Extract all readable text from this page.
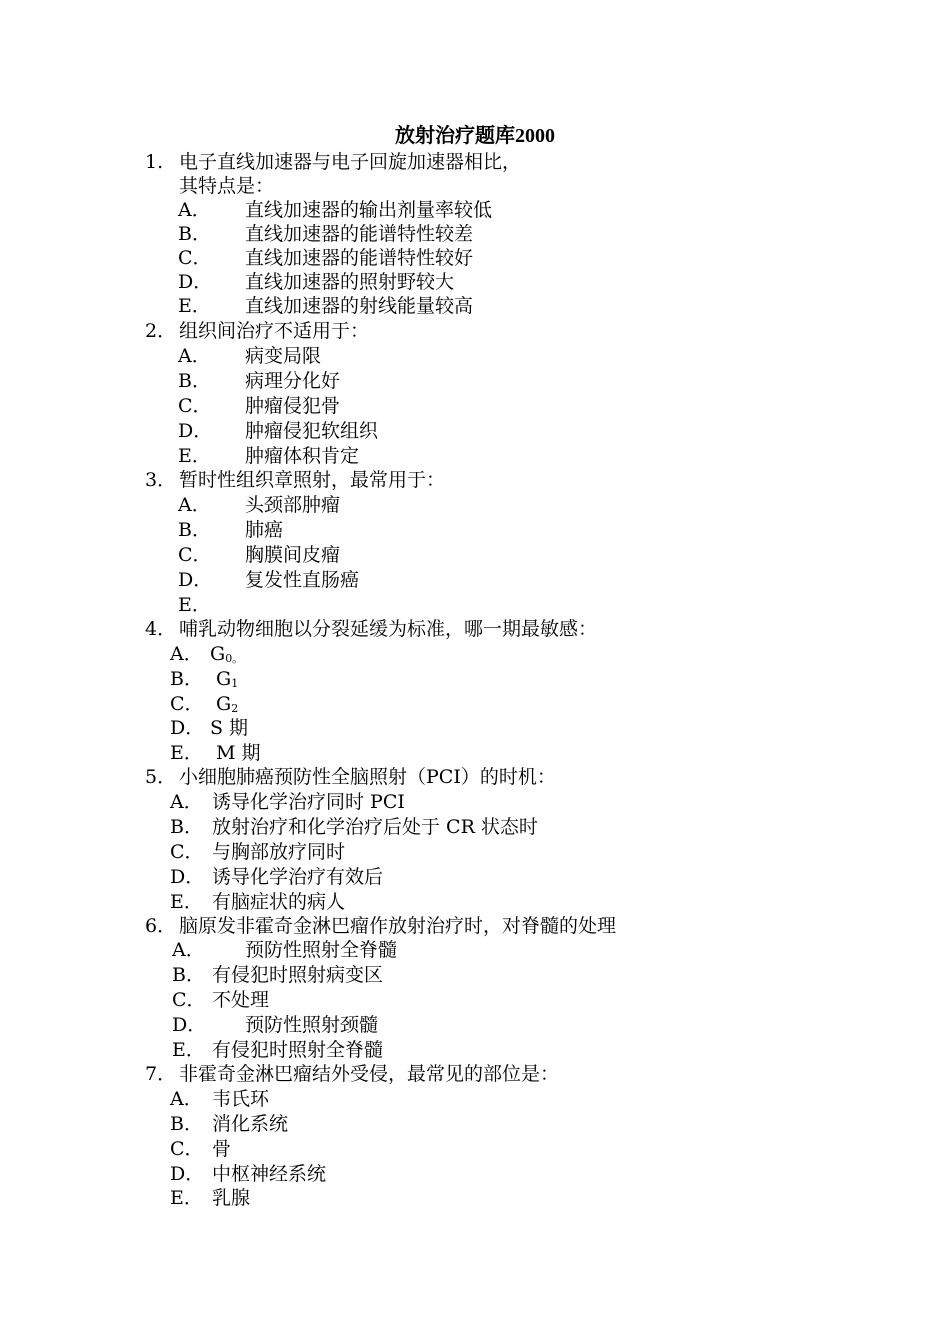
放射治疗题库2000
1. 电子直线加速器与电子回旋加速器相比，
其特点是：
A． 直线加速器的输出剂量率较低
B． 直线加速器的能谱特性较差
C． 直线加速器的能谱特性较好
D． 直线加速器的照射野较大
E． 直线加速器的射线能量较高
2． 组织间治疗不适用于：
A． 病变局限
B． 病理分化好
C． 肿瘤侵犯骨
D． 肿瘤侵犯软组织
E． 肿瘤体积肯定
3． 暂时性组织章照射，最常用于：
A． 头颈部肿瘤
B． 肺癌
C． 胸膜间皮瘤
D． 复发性直肠癌
E．
4． 哺乳动物细胞以分裂延缓为标准，哪一期最敏感：
A． $G_{0。}$
B． $G_1$
C． $G_2$
D． S 期
E． M 期
5． 小细胞肺癌预防性全脑照射（PCI）的时机：
A． 诱导化学治疗同时 PCI
B． 放射治疗和化学治疗后处于 CR 状态时
C． 与胸部放疗同时
D． 诱导化学治疗有效后
E． 有脑症状的病人
6． 脑原发非霍奇金淋巴瘤作放射治疗时，对脊髓的处理
A． 预防性照射全脊髓
B． 有侵犯时照射病变区
C． 不处理
D． 预防性照射颈髓
E． 有侵犯时照射全脊髓
7． 非霍奇金淋巴瘤结外受侵，最常见的部位是：
A． 韦氏环
B． 消化系统
C． 骨
D． 中枢神经系统
E． 乳腺
